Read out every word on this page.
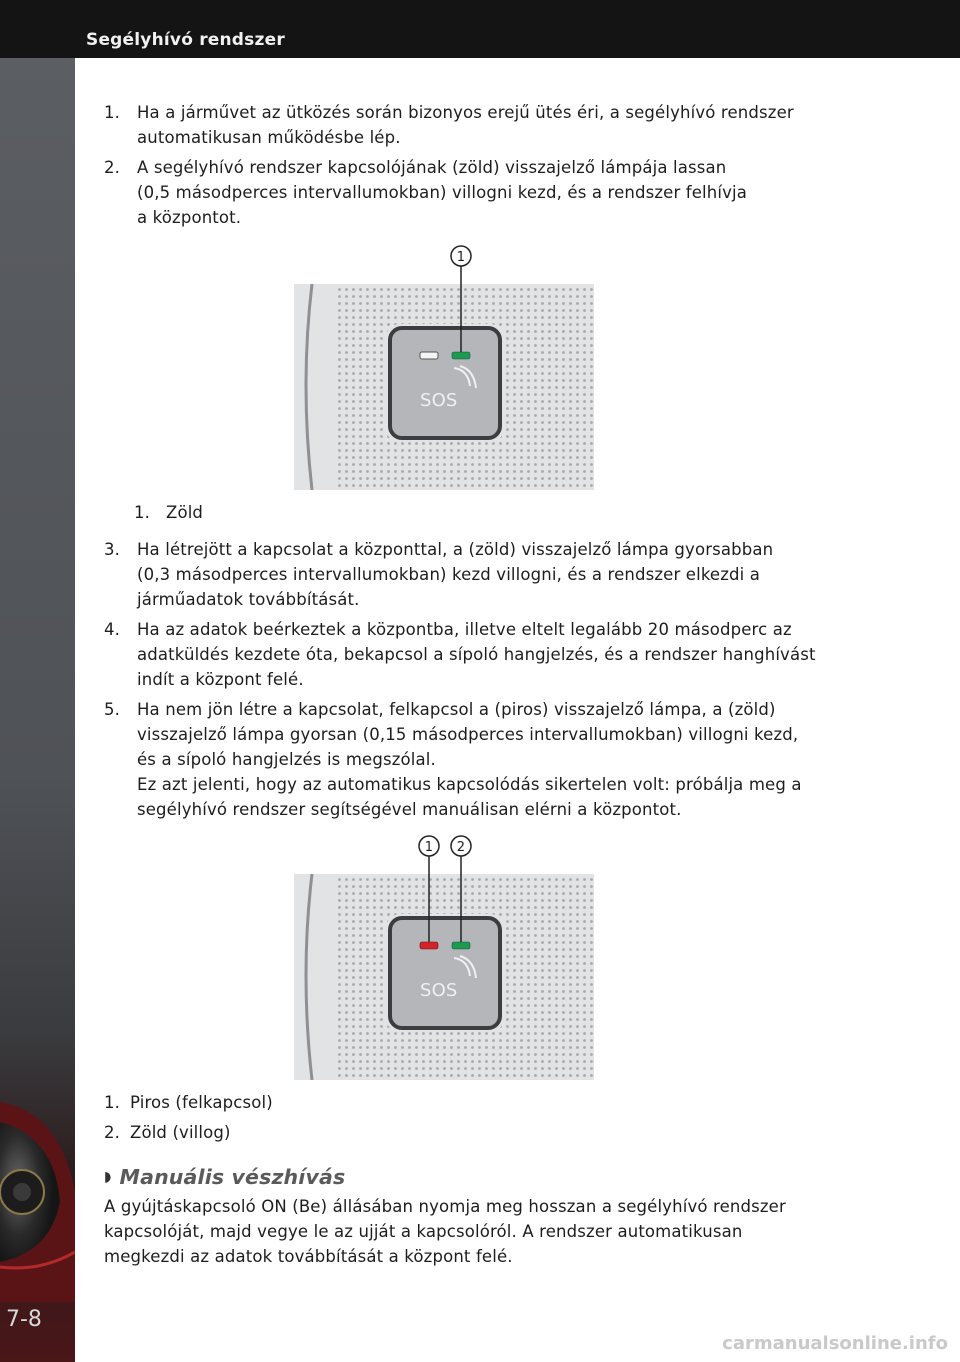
Segélyhívó rendszer
7-8
1.	Ha a járművet az ütközés során bizonyos erejű ütés éri, a segélyhívó rendszer
automatikusan működésbe lép.
2.	A segélyhívó rendszer kapcsolójának (zöld) visszajelző lámpája lassan
(0,5 másodperces intervallumokban) villogni kezd, és a rendszer felhívja
a központot.
SOS
1
1. Zöld
3.	Ha létrejött a kapcsolat a központtal, a (zöld) visszajelző lámpa gyorsabban
(0,3 másodperces intervallumokban) kezd villogni, és a rendszer elkezdi a
járműadatok továbbítását.
4.	Ha az adatok beérkeztek a központba, illetve eltelt legalább 20 másodperc az
adatküldés kezdete óta, bekapcsol a sípoló hangjelzés, és a rendszer hanghívást
indít a központ felé.
5.	Ha nem jön létre a kapcsolat, felkapcsol a (piros) visszajelző lámpa, a (zöld)
visszajelző lámpa gyorsan (0,15 másodperces intervallumokban) villogni kezd,
és a sípoló hangjelzés is megszólal.
Ez azt jelenti, hogy az automatikus kapcsolódás sikertelen volt: próbálja meg a
segélyhívó rendszer segítségével manuálisan elérni a központot.
SOS
1 2
1. Piros (felkapcsol)
2. Zöld (villog)
◗ Manuális vészhívás
A gyújtáskapcsoló ON (Be) állásában nyomja meg hosszan a segélyhívó rendszer
kapcsolóját, majd vegye le az ujját a kapcsolóról. A rendszer automatikusan
megkezdi az adatok továbbítását a központ felé.
carmanualsonline.info
